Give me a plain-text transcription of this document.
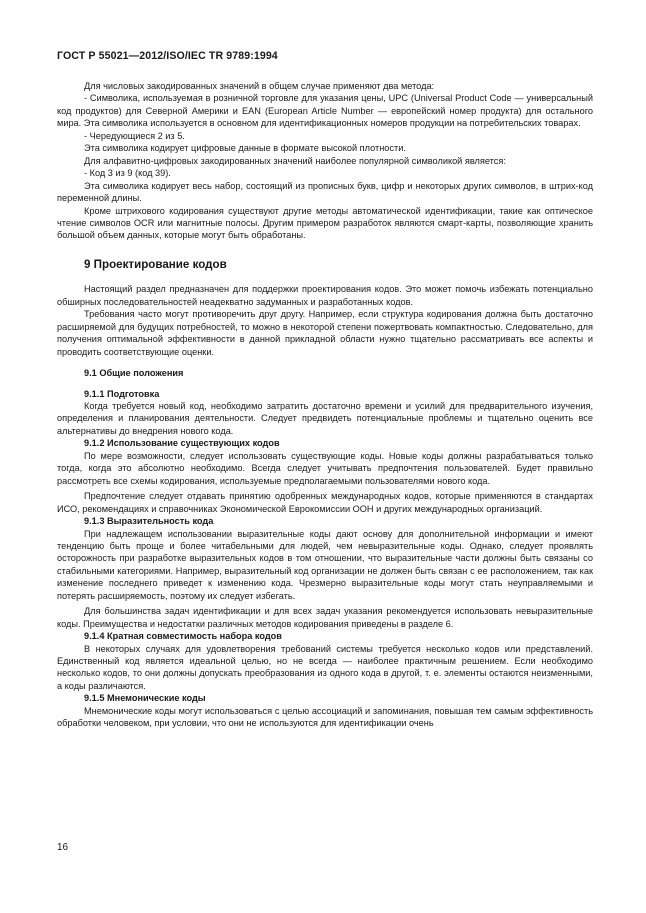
ГОСТ Р 55021—2012/ISO/IEC TR 9789:1994

Для числовых закодированных значений в общем случае применяют два метода:

- Символика, используемая в розничной торговле для указания цены, UPC (Universal Product Code — универсальный код продуктов) для Северной Америки и EAN (European Article Number — европейский номер продукта) для остального мира. Эта символика используется в основном для идентификационных номеров продукции на потребительских товарах.

- Чередующиеся 2 из 5.

Эта символика кодирует цифровые данные в формате высокой плотности.

Для алфавитно-цифровых закодированных значений наиболее популярной символикой является:

- Код 3 из 9 (код 39).

Эта символика кодирует весь набор, состоящий из прописных букв, цифр и некоторых других символов, в штрих-код переменной длины.

Кроме штрихового кодирования существуют другие методы автоматической идентификации, такие как оптическое чтение символов OCR или магнитные полосы. Другим примером разработок являются смарт-карты, позволяющие хранить большой объем данных, которые могут быть обработаны.

9 Проектирование кодов

Настоящий раздел предназначен для поддержки проектирования кодов. Это может помочь избежать потенциально обширных последовательностей неадекватно задуманных и разработанных кодов.

Требования часто могут противоречить друг другу. Например, если структура кодирования должна быть достаточно расширяемой для будущих потребностей, то можно в некоторой степени пожертвовать компактностью. Следовательно, для получения оптимальной эффективности в данной прикладной области нужно тщательно рассматривать все аспекты и проводить соответствующие оценки.

9.1 Общие положения

9.1.1 Подготовка

Когда требуется новый код, необходимо затратить достаточно времени и усилий для предварительного изучения, определения и планирования деятельности. Следует предвидеть потенциальные проблемы и тщательно оценить все альтернативы до внедрения нового кода.

9.1.2 Использование существующих кодов

По мере возможности, следует использовать существующие коды. Новые коды должны разрабатываться только тогда, когда это абсолютно необходимо. Всегда следует учитывать предпочтения пользователей. Будет правильно рассмотреть все схемы кодирования, используемые предполагаемыми пользователями нового кода.

Предпочтение следует отдавать принятию одобренных международных кодов, которые применяются в стандартах ИСО, рекомендациях и справочниках Экономической Еврокомиссии ООН и других международных организаций.

9.1.3 Выразительность кода

При надлежащем использовании выразительные коды дают основу для дополнительной информации и имеют тенденцию быть проще и более читабельными для людей, чем невыразительные коды. Однако, следует проявлять осторожность при разработке выразительных кодов в том отношении, что выразительные части должны быть связаны со стабильными категориями. Например, выразительный код организации не должен быть связан с ее расположением, так как изменение последнего приведет к изменению кода. Чрезмерно выразительные коды могут стать неуправляемыми и потерять расширяемость, поэтому их следует избегать.

Для большинства задач идентификации и для всех задач указания рекомендуется использовать невыразительные коды. Преимущества и недостатки различных методов кодирования приведены в разделе 6.

9.1.4 Кратная совместимость набора кодов

В некоторых случаях для удовлетворения требований системы требуется несколько кодов или представлений. Единственный код является идеальной целью, но не всегда — наиболее практичным решением. Если необходимо несколько кодов, то они должны допускать преобразования из одного кода в другой, т. е. элементы остаются неизменными, а коды различаются.

9.1.5 Мнемонические коды

Мнемонические коды могут использоваться с целью ассоциаций и запоминания, повышая тем самым эффективность обработки человеком, при условии, что они не используются для идентификации очень

16
